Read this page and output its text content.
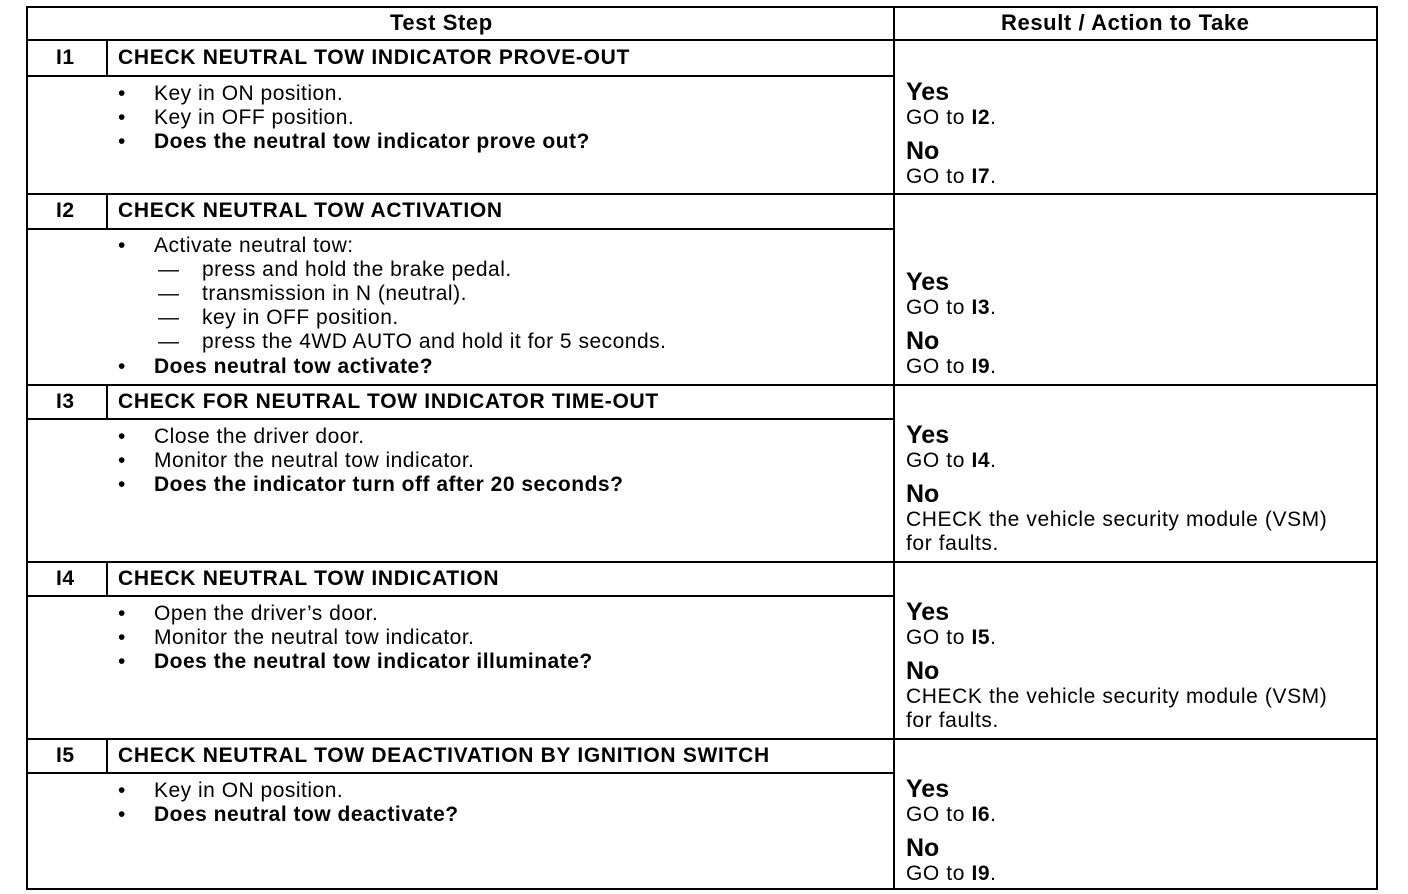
Test Step	Result / Action to Take
I1 CHECK NEUTRAL TOW INDICATOR PROVE-OUT
• Key in ON position.
• Key in OFF position.
• Does the neutral tow indicator prove out?
Yes
GO to I2.
No
GO to I7.
I2 CHECK NEUTRAL TOW ACTIVATION
• Activate neutral tow:
— press and hold the brake pedal.
— transmission in N (neutral).
— key in OFF position.
— press the 4WD AUTO and hold it for 5 seconds.
• Does neutral tow activate?
Yes
GO to I3.
No
GO to I9.
I3 CHECK FOR NEUTRAL TOW INDICATOR TIME-OUT
• Close the driver door.
• Monitor the neutral tow indicator.
• Does the indicator turn off after 20 seconds?
Yes
GO to I4.
No
CHECK the vehicle security module (VSM)
for faults.
I4 CHECK NEUTRAL TOW INDICATION
• Open the driver’s door.
• Monitor the neutral tow indicator.
• Does the neutral tow indicator illuminate?
Yes
GO to I5.
No
CHECK the vehicle security module (VSM)
for faults.
I5 CHECK NEUTRAL TOW DEACTIVATION BY IGNITION SWITCH
• Key in ON position.
• Does neutral tow deactivate?
Yes
GO to I6.
No
GO to I9.
